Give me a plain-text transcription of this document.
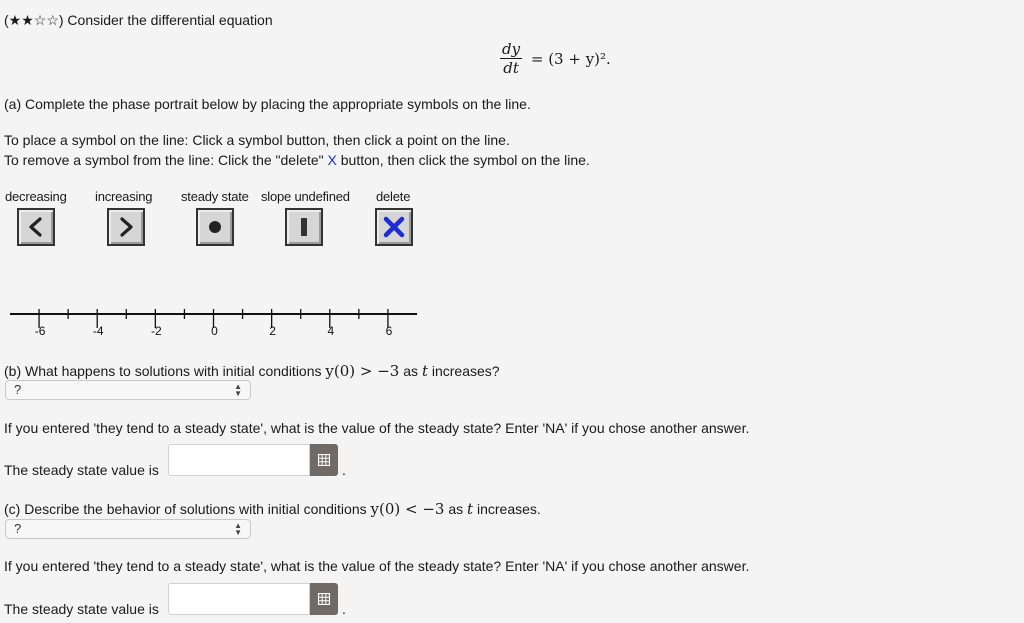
(★★☆☆) Consider the differential equation
$\frac{dy}{dt} = (3 + y)^2$.
(a) Complete the phase portrait below by placing the appropriate symbols on the line.
To place a symbol on the line: Click a symbol button, then click a point on the line.
To remove a symbol from the line: Click the "delete" X button, then click the symbol on the line.
decreasing increasing steady state slope undefined delete
-6	-4	-2	0	2	4	6
(b) What happens to solutions with initial conditions y(0) > −3 as t increases?
?	▲
▼
If you entered 'they tend to a steady state', what is the value of the steady state? Enter 'NA' if you chose another answer.
The steady state value is	.
(c) Describe the behavior of solutions with initial conditions y(0) < −3 as t increases.
?	▲
▼
If you entered 'they tend to a steady state', what is the value of the steady state? Enter 'NA' if you chose another answer.
The steady state value is	.
